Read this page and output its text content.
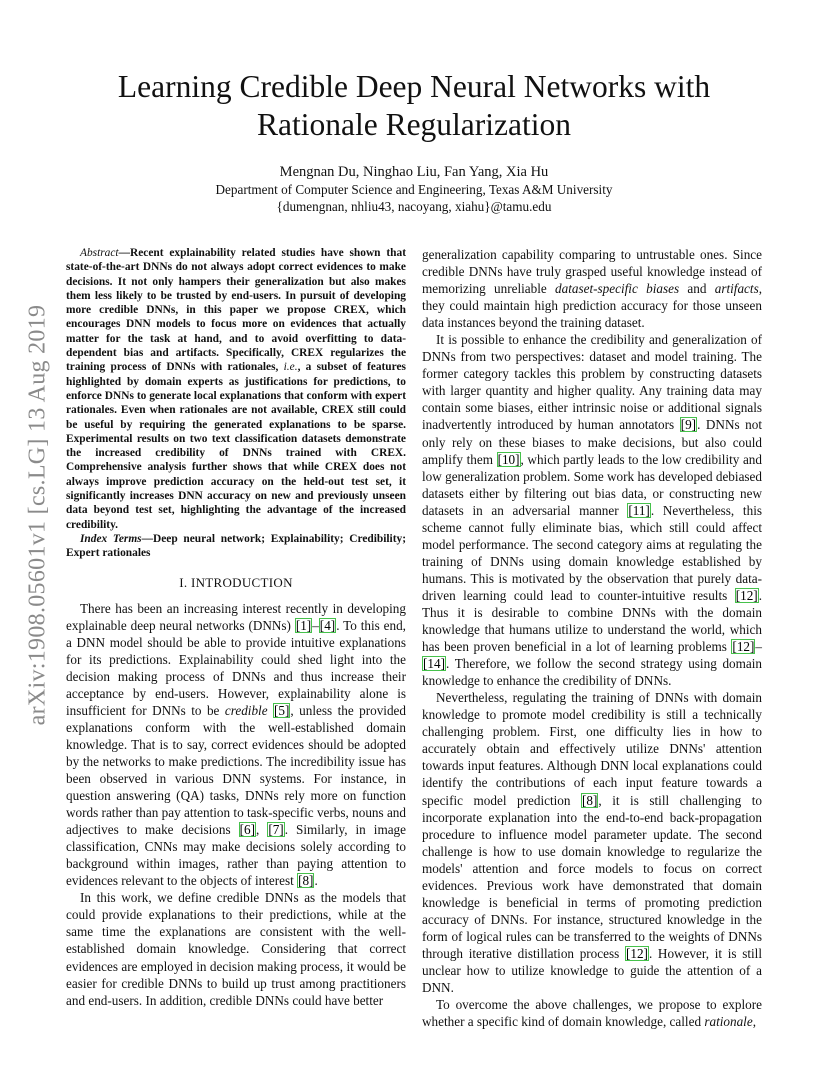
arXiv:1908.05601v1 [cs.LG] 13 Aug 2019
Learning Credible Deep Neural Networks with
Rationale Regularization
Mengnan Du, Ninghao Liu, Fan Yang, Xia Hu
Department of Computer Science and Engineering, Texas A&M University
{dumengnan, nhliu43, nacoyang, xiahu}@tamu.edu

Abstract—Recent explainability related studies have shown that state-of-the-art DNNs do not always adopt correct evidences to make decisions. It not only hampers their generalization but also makes them less likely to be trusted by end-users. In pursuit of developing more credible DNNs, in this paper we propose CREX, which encourages DNN models to focus more on evidences that actually matter for the task at hand, and to avoid overfitting to data-dependent bias and artifacts. Specifically, CREX regularizes the training process of DNNs with rationales, i.e., a subset of features highlighted by domain experts as justifications for predictions, to enforce DNNs to generate local explanations that conform with expert rationales. Even when rationales are not available, CREX still could be useful by requiring the generated explanations to be sparse. Experimental results on two text classification datasets demonstrate the increased credibility of DNNs trained with CREX. Comprehensive analysis further shows that while CREX does not always improve prediction accuracy on the held-out test set, it significantly increases DNN accuracy on new and previously unseen data beyond test set, highlighting the advantage of the increased credibility.

Index Terms—Deep neural network; Explainability; Credibility; Expert rationales

I. INTRODUCTION

There has been an increasing interest recently in developing explainable deep neural networks (DNNs) [1]–[4]. To this end, a DNN model should be able to provide intuitive explanations for its predictions. Explainability could shed light into the decision making process of DNNs and thus increase their acceptance by end-users. However, explainability alone is insufficient for DNNs to be credible [5], unless the provided explanations conform with the well-established domain knowledge. That is to say, correct evidences should be adopted by the networks to make predictions. The incredibility issue has been observed in various DNN systems. For instance, in question answering (QA) tasks, DNNs rely more on function words rather than pay attention to task-specific verbs, nouns and adjectives to make decisions [6], [7]. Similarly, in image classification, CNNs may make decisions solely according to background within images, rather than paying attention to evidences relevant to the objects of interest [8].

In this work, we define credible DNNs as the models that could provide explanations to their predictions, while at the same time the explanations are consistent with the well-established domain knowledge. Considering that correct evidences are employed in decision making process, it would be easier for credible DNNs to build up trust among practitioners and end-users. In addition, credible DNNs could have better

generalization capability comparing to untrustable ones. Since credible DNNs have truly grasped useful knowledge instead of memorizing unreliable dataset-specific biases and artifacts, they could maintain high prediction accuracy for those unseen data instances beyond the training dataset.

It is possible to enhance the credibility and generalization of DNNs from two perspectives: dataset and model training. The former category tackles this problem by constructing datasets with larger quantity and higher quality. Any training data may contain some biases, either intrinsic noise or additional signals inadvertently introduced by human annotators [9]. DNNs not only rely on these biases to make decisions, but also could amplify them [10], which partly leads to the low credibility and low generalization problem. Some work has developed debiased datasets either by filtering out bias data, or constructing new datasets in an adversarial manner [11]. Nevertheless, this scheme cannot fully eliminate bias, which still could affect model performance. The second category aims at regulating the training of DNNs using domain knowledge established by humans. This is motivated by the observation that purely data-driven learning could lead to counter-intuitive results [12]. Thus it is desirable to combine DNNs with the domain knowledge that humans utilize to understand the world, which has been proven beneficial in a lot of learning problems [12]–[14]. Therefore, we follow the second strategy using domain knowledge to enhance the credibility of DNNs.

Nevertheless, regulating the training of DNNs with domain knowledge to promote model credibility is still a technically challenging problem. First, one difficulty lies in how to accurately obtain and effectively utilize DNNs' attention towards input features. Although DNN local explanations could identify the contributions of each input feature towards a specific model prediction [8], it is still challenging to incorporate explanation into the end-to-end back-propagation procedure to influence model parameter update. The second challenge is how to use domain knowledge to regularize the models' attention and force models to focus on correct evidences. Previous work have demonstrated that domain knowledge is beneficial in terms of promoting prediction accuracy of DNNs. For instance, structured knowledge in the form of logical rules can be transferred to the weights of DNNs through iterative distillation process [12]. However, it is still unclear how to utilize knowledge to guide the attention of a DNN.

To overcome the above challenges, we propose to explore whether a specific kind of domain knowledge, called rationale,
